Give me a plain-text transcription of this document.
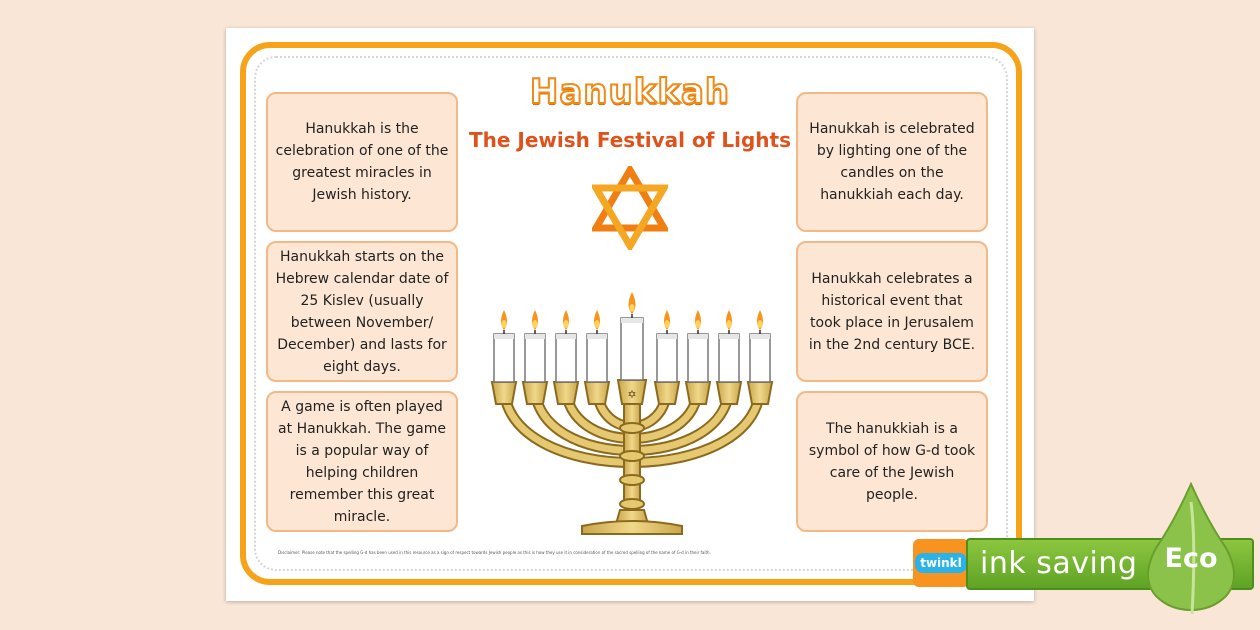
Hanukkah
The Jewish Festival of Lights
Hanukkah is the celebration of one of the greatest miracles in Jewish history.
Hanukkah starts on the Hebrew calendar date of 25 Kislev (usually between November/ December) and lasts for eight days.
A game is often played at Hanukkah. The game is a popular way of helping children remember this great miracle.
Hanukkah is celebrated by lighting one of the candles on the hanukkiah each day.
Hanukkah celebrates a historical event that took place in Jerusalem in the 2nd century BCE.
The hanukkiah is a symbol of how G-d took care of the Jewish people.
✡
Disclaimer: Please note that the spelling G-d has been used in this resource as a sign of respect towards Jewish people as this is how they use it in consideration of the sacred spelling of the name of G-d in their faith.
twinkl ink saving	Eco
